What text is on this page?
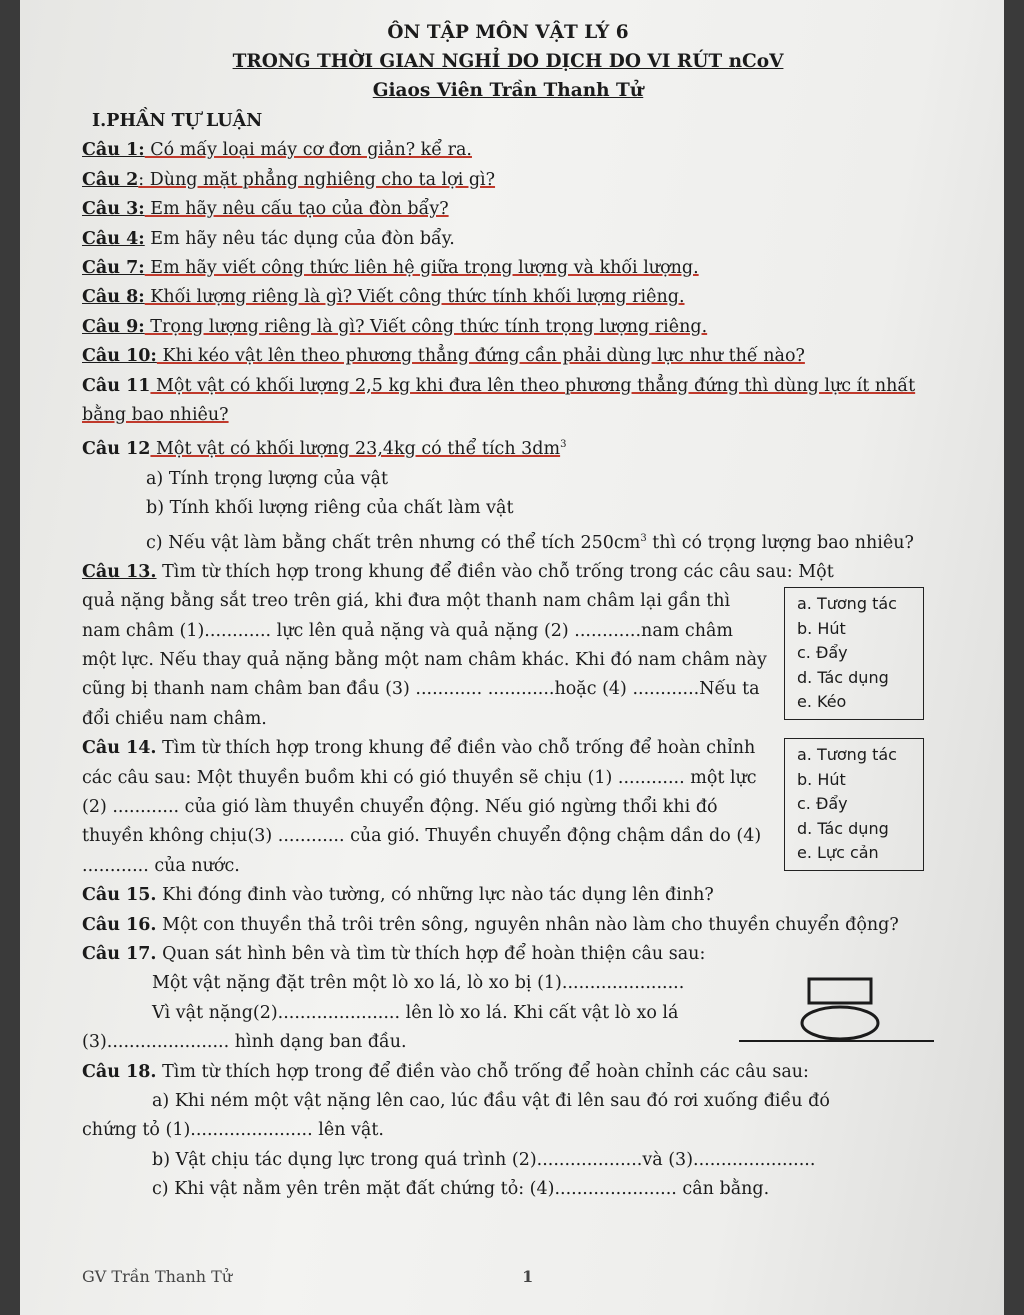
ÔN TẬP MÔN VẬT LÝ 6
TRONG THỜI GIAN NGHỈ DO DỊCH DO VI RÚT nCoV
Giaos Viên Trần Thanh Tử
I.PHẦN TỰ LUẬN

Câu 1: Có mấy loại máy cơ đơn giản? kể ra.

Câu 2: Dùng mặt phẳng nghiêng cho ta lợi gì?

Câu 3: Em hãy nêu cấu tạo của đòn bẩy?

Câu 4: Em hãy nêu tác dụng của đòn bẩy.

Câu 7: Em hãy viết công thức liên hệ giữa trọng lượng và khối lượng.

Câu 8: Khối lượng riêng là gì? Viết công thức tính khối lượng riêng.

Câu 9: Trọng lượng riêng là gì? Viết công thức tính trọng lượng riêng.

Câu 10: Khi kéo vật lên theo phương thẳng đứng cần phải dùng lực như thế nào?

Câu 11 Một vật có khối lượng 2,5 kg khi đưa lên theo phương thẳng đứng thì dùng lực ít nhất bằng bao nhiêu?

Câu 12 Một vật có khối lượng 23,4kg có thể tích $3dm^3$

a) Tính trọng lượng của vật

b) Tính khối lượng riêng của chất làm vật

c) Nếu vật làm bằng chất trên nhưng có thể tích $250cm^3$ thì có trọng lượng bao nhiêu?

Câu 13. Tìm từ thích hợp trong khung để điền vào chỗ trống trong các câu sau: Một

quả nặng bằng sắt treo trên giá, khi đưa một thanh nam châm lại gần thì nam châm (1)............ lực lên quả nặng và quả nặng (2) ............nam châm một lực. Nếu thay quả nặng bằng một nam châm khác. Khi đó nam châm này cũng bị thanh nam châm ban đầu (3) ............ ............hoặc (4) ............Nếu ta đổi chiều nam châm.
a. Tương tác
b. Hút
c. Đẩy
d. Tác dụng
e. Kéo
Câu 14. Tìm từ thích hợp trong khung để điền vào chỗ trống để hoàn chỉnh các câu sau: Một thuyền buồm khi có gió thuyền sẽ chịu (1) ............ một lực (2) ............ của gió làm thuyền chuyển động. Nếu gió ngừng thổi khi đó thuyền không chịu(3) ............ của gió. Thuyền chuyển động chậm dần do (4) ............ của nước.
a. Tương tác
b. Hút
c. Đẩy
d. Tác dụng
e. Lực cản

Câu 15. Khi đóng đinh vào tường, có những lực nào tác dụng lên đinh?

Câu 16. Một con thuyền thả trôi trên sông, nguyên nhân nào làm cho thuyền chuyển động?

Câu 17. Quan sát hình bên và tìm từ thích hợp để hoàn thiện câu sau:

Một vật nặng đặt trên một lò xo lá, lò xo bị (1)......................
Vì vật nặng(2)...................... lên lò xo lá. Khi cất vật lò xo lá
(3)...................... hình dạng ban đầu.

Câu 18. Tìm từ thích hợp trong để điền vào chỗ trống để hoàn chỉnh các câu sau:

a) Khi ném một vật nặng lên cao, lúc đầu vật đi lên sau đó rơi xuống điều đó
chứng tỏ (1)...................... lên vật.
b) Vật chịu tác dụng lực trong quá trình (2)...................và (3)......................
c) Khi vật nằm yên trên mặt đất chứng tỏ: (4)...................... cân bằng.
GV Trần Thanh Tử	1
